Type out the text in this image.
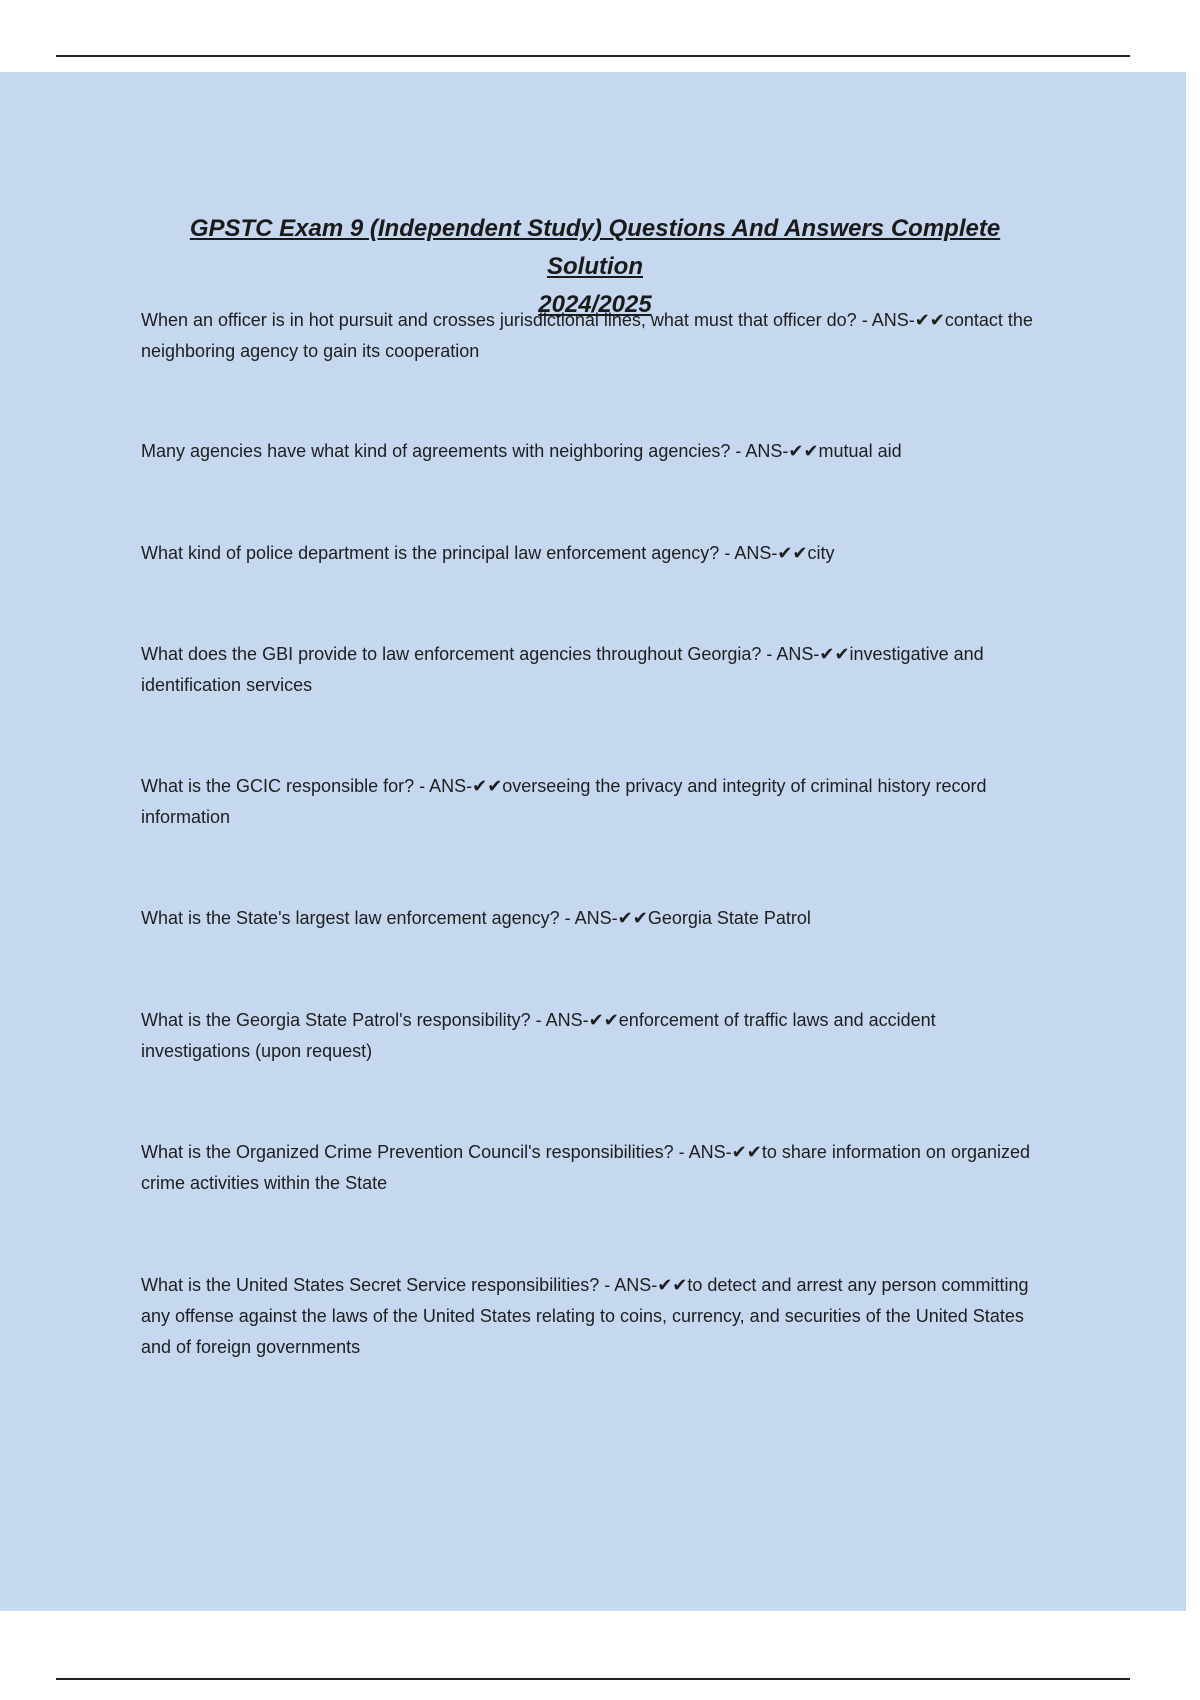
GPSTC Exam 9 (Independent Study) Questions And Answers Complete Solution
2024/2025
When an officer is in hot pursuit and crosses jurisdictional lines, what must that officer do? - ANS-✔✔contact the neighboring agency to gain its cooperation
Many agencies have what kind of agreements with neighboring agencies? - ANS-✔✔mutual aid
What kind of police department is the principal law enforcement agency? - ANS-✔✔city
What does the GBI provide to law enforcement agencies throughout Georgia? - ANS-✔✔investigative and identification services
What is the GCIC responsible for? - ANS-✔✔overseeing the privacy and integrity of criminal history record information
What is the State's largest law enforcement agency? - ANS-✔✔Georgia State Patrol
What is the Georgia State Patrol's responsibility? - ANS-✔✔enforcement of traffic laws and accident investigations (upon request)
What is the Organized Crime Prevention Council's responsibilities? - ANS-✔✔to share information on organized crime activities within the State
What is the United States Secret Service responsibilities? - ANS-✔✔to detect and arrest any person committing any offense against the laws of the United States relating to coins, currency, and securities of the United States and of foreign governments
